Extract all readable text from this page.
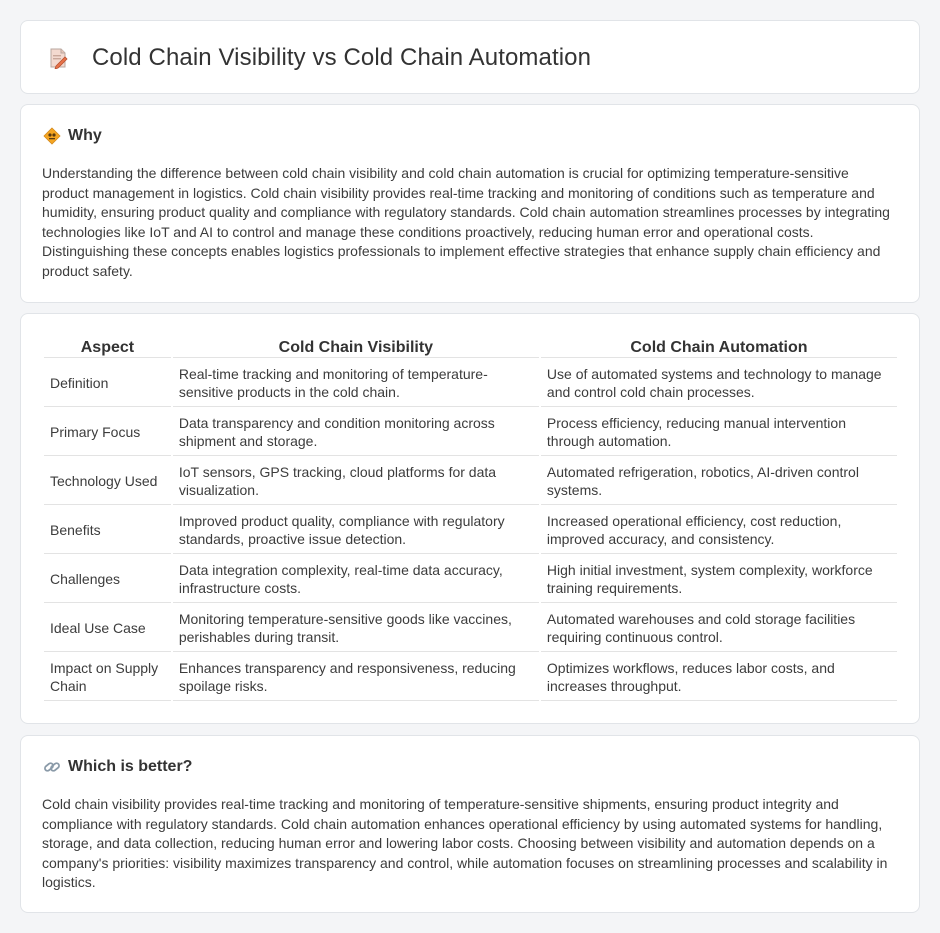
Cold Chain Visibility vs Cold Chain Automation
Why

Understanding the difference between cold chain visibility and cold chain automation is crucial for optimizing temperature-sensitive product management in logistics. Cold chain visibility provides real-time tracking and monitoring of conditions such as temperature and humidity, ensuring product quality and compliance with regulatory standards. Cold chain automation streamlines processes by integrating technologies like IoT and AI to control and manage these conditions proactively, reducing human error and operational costs. Distinguishing these concepts enables logistics professionals to implement effective strategies that enhance supply chain efficiency and product safety.

Aspect	Cold Chain Visibility	Cold Chain Automation
Definition	Real-time tracking and monitoring of temperature-sensitive products in the cold chain.	Use of automated systems and technology to manage and control cold chain processes.
Primary Focus	Data transparency and condition monitoring across shipment and storage.	Process efficiency, reducing manual intervention through automation.
Technology Used	IoT sensors, GPS tracking, cloud platforms for data visualization.	Automated refrigeration, robotics, AI-driven control systems.
Benefits	Improved product quality, compliance with regulatory standards, proactive issue detection.	Increased operational efficiency, cost reduction, improved accuracy, and consistency.
Challenges	Data integration complexity, real-time data accuracy, infrastructure costs.	High initial investment, system complexity, workforce training requirements.
Ideal Use Case	Monitoring temperature-sensitive goods like vaccines, perishables during transit.	Automated warehouses and cold storage facilities requiring continuous control.
Impact on Supply Chain	Enhances transparency and responsiveness, reducing spoilage risks.	Optimizes workflows, reduces labor costs, and increases throughput.
Which is better?

Cold chain visibility provides real-time tracking and monitoring of temperature-sensitive shipments, ensuring product integrity and compliance with regulatory standards. Cold chain automation enhances operational efficiency by using automated systems for handling, storage, and data collection, reducing human error and lowering labor costs. Choosing between visibility and automation depends on a company's priorities: visibility maximizes transparency and control, while automation focuses on streamlining processes and scalability in logistics.
